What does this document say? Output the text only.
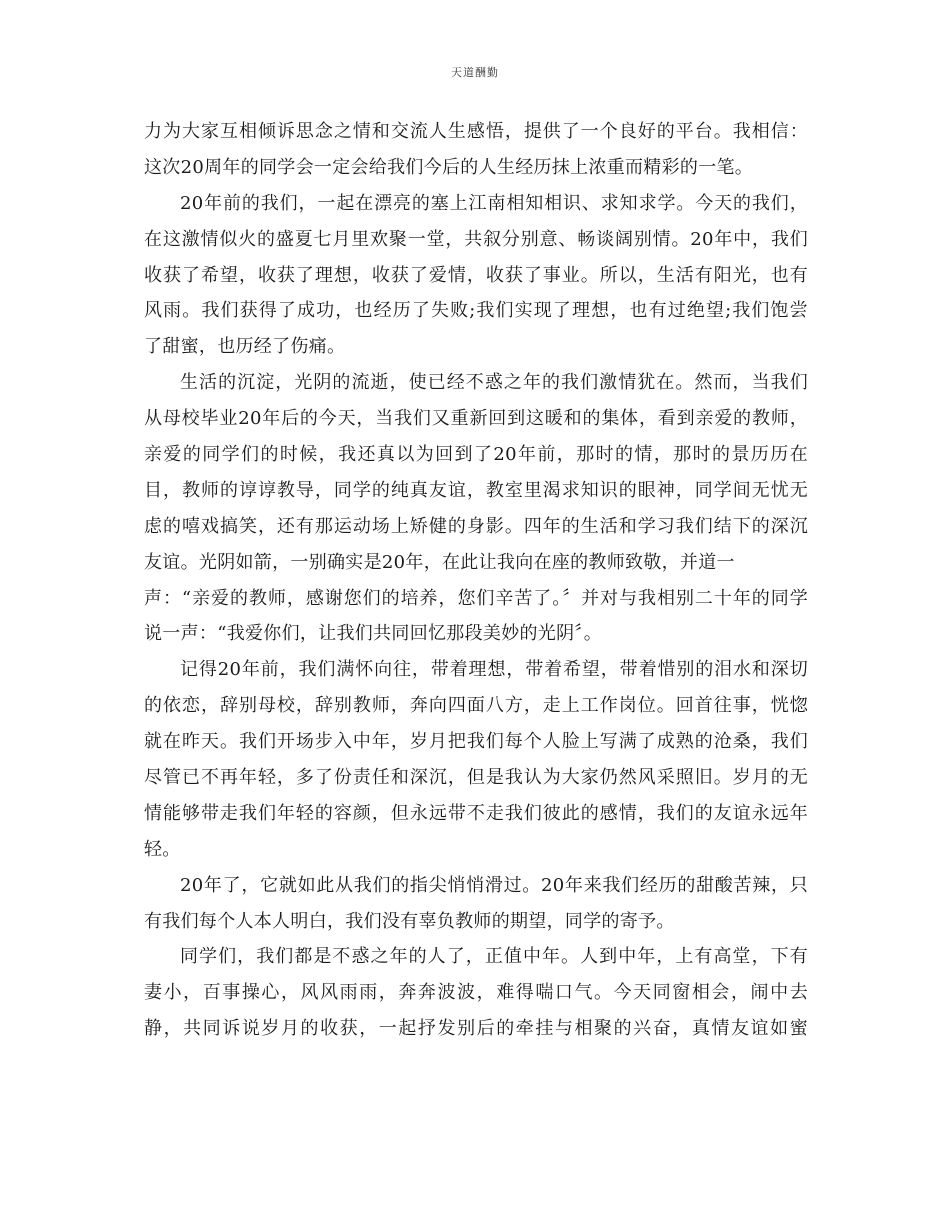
天道酬勤
力为大家互相倾诉思念之情和交流人生感悟，提供了一个良好的平台。我相信：
这次20周年的同学会一定会给我们今后的人生经历抹上浓重而精彩的一笔。
20年前的我们，一起在漂亮的塞上江南相知相识、求知求学。今天的我们，
在这激情似火的盛夏七月里欢聚一堂，共叙分别意、畅谈阔别情。20年中，我们
收获了希望，收获了理想，收获了爱情，收获了事业。所以，生活有阳光，也有
风雨。我们获得了成功，也经历了失败;我们实现了理想，也有过绝望;我们饱尝
了甜蜜，也历经了伤痛。
生活的沉淀，光阴的流逝，使已经不惑之年的我们激情犹在。然而，当我们
从母校毕业20年后的今天，当我们又重新回到这暖和的集体，看到亲爱的教师，
亲爱的同学们的时候，我还真以为回到了20年前，那时的情，那时的景历历在
目，教师的谆谆教导，同学的纯真友谊，教室里渴求知识的眼神，同学间无忧无
虑的嘻戏搞笑，还有那运动场上矫健的身影。四年的生活和学习我们结下的深沉
友谊。光阴如箭，一别确实是20年，在此让我向在座的教师致敬，并道一
声：“亲爱的教师，感谢您们的培养，您们辛苦了。〞并对与我相别二十年的同学
说一声：“我爱你们，让我们共同回忆那段美妙的光阴〞。
记得20年前，我们满怀向往，带着理想，带着希望，带着惜别的泪水和深切
的依恋，辞别母校，辞别教师，奔向四面八方，走上工作岗位。回首往事，恍惚
就在昨天。我们开场步入中年，岁月把我们每个人脸上写满了成熟的沧桑，我们
尽管已不再年轻，多了份责任和深沉，但是我认为大家仍然风采照旧。岁月的无
情能够带走我们年轻的容颜，但永远带不走我们彼此的感情，我们的友谊永远年
轻。
20年了，它就如此从我们的指尖悄悄滑过。20年来我们经历的甜酸苦辣，只
有我们每个人本人明白，我们没有辜负教师的期望，同学的寄予。
同学们，我们都是不惑之年的人了，正值中年。人到中年，上有高堂，下有
妻小，百事操心，风风雨雨，奔奔波波，难得喘口气。今天同窗相会，闹中去
静，共同诉说岁月的收获，一起抒发别后的牵挂与相聚的兴奋，真情友谊如蜜
